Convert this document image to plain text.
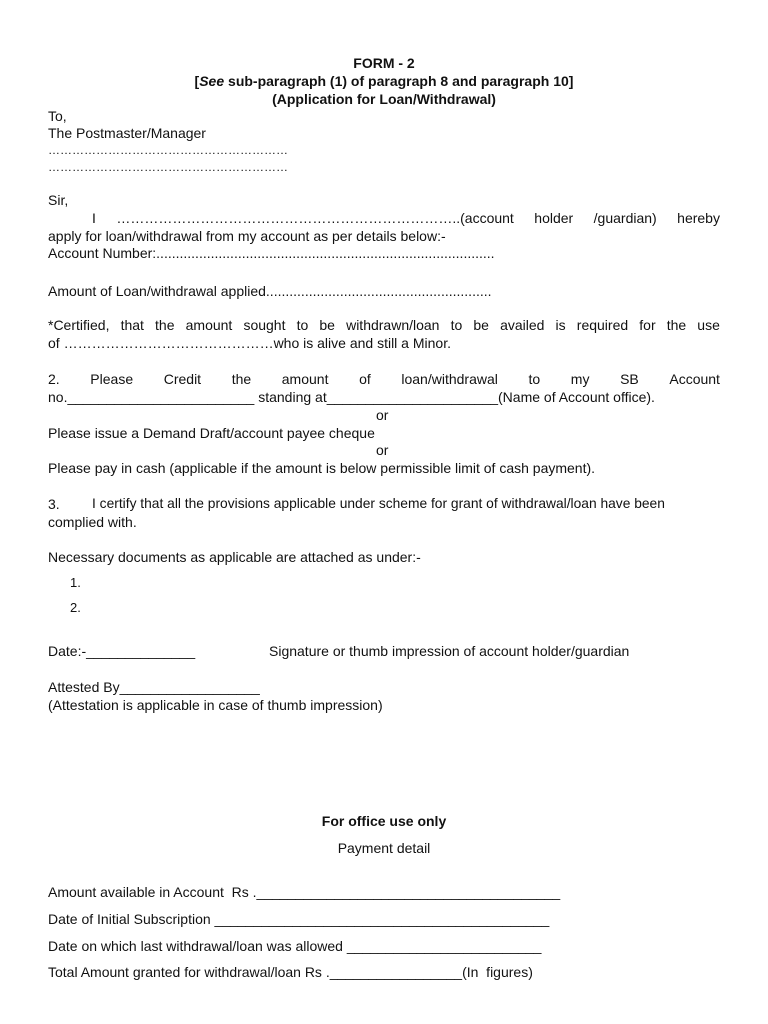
FORM - 2
[See sub-paragraph (1) of paragraph 8 and paragraph 10]
(Application for Loan/Withdrawal)
To,
The Postmaster/Manager
……………………………………………………
……………………………………………………
Sir,
I ………………………………………………………………..(account holder /guardian) hereby
apply for loan/withdrawal from my account as per details below:-
Account Number:.......................................................................................
Amount of Loan/withdrawal applied..........................................................
*Certified, that the amount sought to be withdrawn/loan to be availed is required for the use
of ………………………………………who is alive and still a Minor.
2. Please Credit the amount of loan/withdrawal to my SB Account
no.________________________ standing at______________________(Name of Account office).
or
Please issue a Demand Draft/account payee cheque
or
Please pay in cash (applicable if the amount is below permissible limit of cash payment).
3. I certify that all the provisions applicable under scheme for grant of withdrawal/loan have been
complied with.
Necessary documents as applicable are attached as under:-
1.
2.
Date:-______________	Signature or thumb impression of account holder/guardian
Attested By__________________
(Attestation is applicable in case of thumb impression)
For office use only
Payment detail
Amount available in Account  Rs ._______________________________________
Date of Initial Subscription ___________________________________________
Date on which last withdrawal/loan was allowed _________________________
Total Amount granted for withdrawal/loan Rs ._________________(In  figures)
